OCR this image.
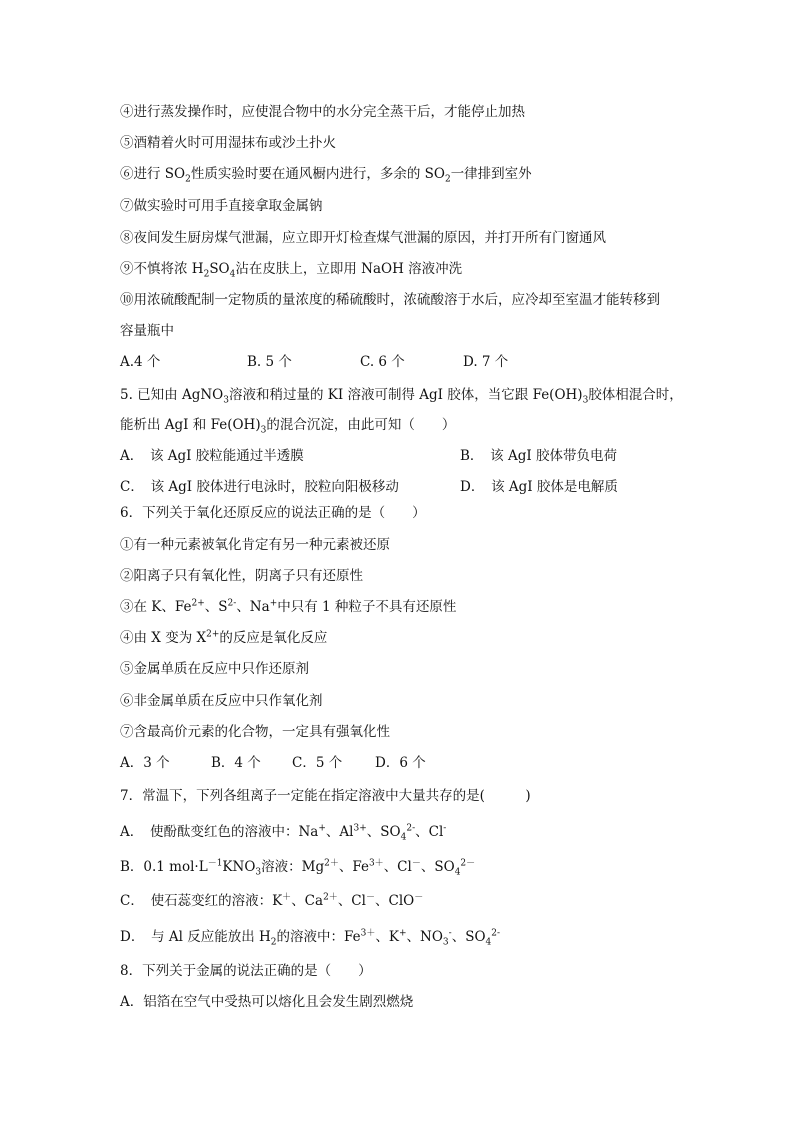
④进行蒸发操作时，应使混合物中的水分完全蒸干后，才能停止加热
⑤酒精着火时可用湿抹布或沙土扑火
⑥进行 $SO_2$性质实验时要在通风橱内进行，多余的 $SO_2$一律排到室外
⑦做实验时可用手直接拿取金属钠
⑧夜间发生厨房煤气泄漏，应立即开灯检查煤气泄漏的原因，并打开所有门窗通风
⑨不慎将浓 $H_2SO_4$沾在皮肤上，立即用 NaOH 溶液冲洗
⑩用浓硫酸配制一定物质的量浓度的稀硫酸时，浓硫酸溶于水后，应冷却至室温才能转移到
容量瓶中
A.4 个	B. 5 个	C. 6 个	D. 7 个
5. 已知由 AgNO$_3$溶液和稍过量的 KI 溶液可制得 AgI 胶体，当它跟 $Fe(OH)_3$胶体相混合时，
能析出 AgI 和 $Fe(OH)_3$的混合沉淀，由此可知（　　）
A．　该 AgI 胶粒能通过半透膜	B．　该 AgI 胶体带负电荷
C．　该 AgI 胶体进行电泳时，胶粒向阳极移动	D．　该 AgI 胶体是电解质
6．下列关于氧化还原反应的说法正确的是（　　）
①有一种元素被氧化肯定有另一种元素被还原
②阳离子只有氧化性，阴离子只有还原性
③在 K、$Fe^{2+}$、$S^{2-}$、Na+中只有 1 种粒子不具有还原性
④由 X 变为 $X^{2+}$的反应是氧化反应
⑤金属单质在反应中只作还原剂
⑥非金属单质在反应中只作氧化剂
⑦含最高价元素的化合物，一定具有强氧化性
A．3 个	B．4 个 C．5 个 D．6 个
7．常温下，下列各组离子一定能在指定溶液中大量共存的是(　　　)
A．　使酚酞变红色的溶液中：Na+、$Al^{3+}$、$SO_4^{2-}$、Cl-
B．0.1 $mol\cdot L^{-1}KNO_3$溶液：$Mg^{2+}$、$Fe^{3+}$、Cl－、$SO_4^{2-}$
C．　使石蕊变红的溶液：K＋、$Ca^{2+}$、Cl－、ClO－
D．　与 Al 反应能放出 $H_2$的溶液中：$Fe^{3+}$、K+、$NO_3^-$、$SO_4^{2-}$
8．下列关于金属的说法正确的是（　　）
A．铝箔在空气中受热可以熔化且会发生剧烈燃烧
